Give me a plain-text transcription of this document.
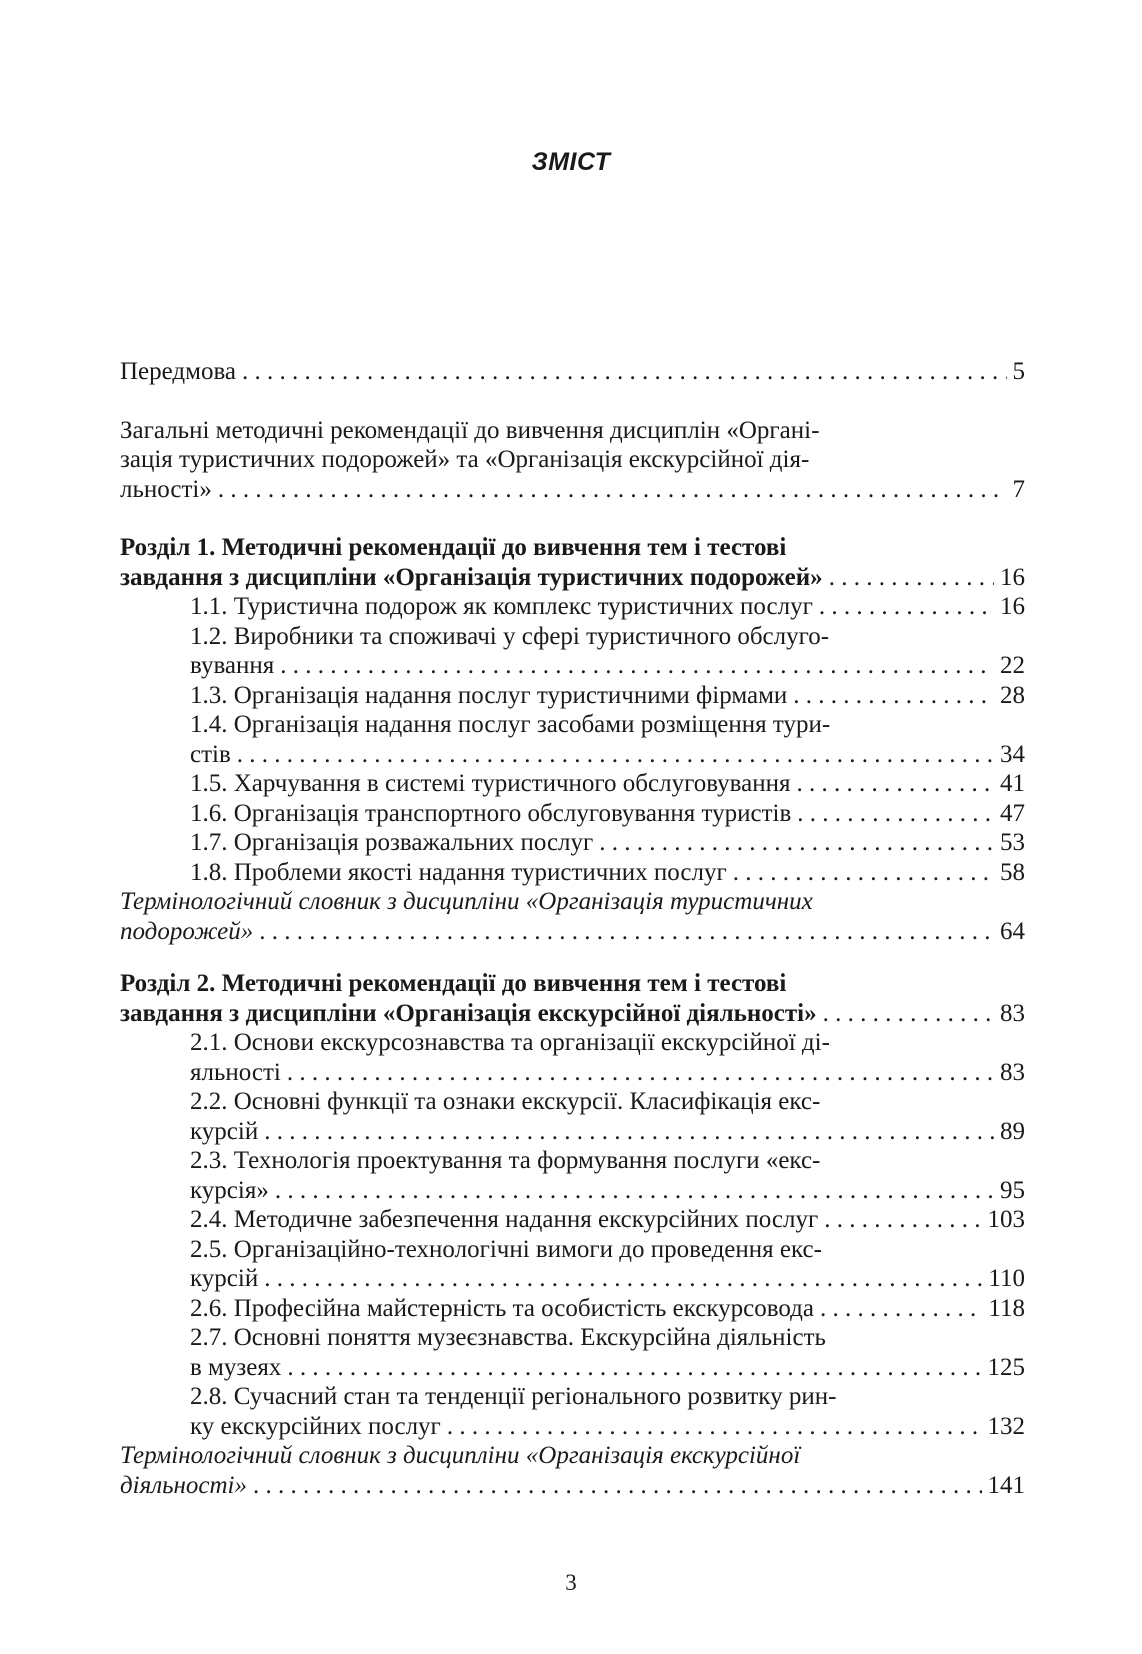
ЗМІСТ
Передмова . . .	5
Загальні методичні рекомендації до вивчення дисциплін «Органі-
зація туристичних подорожей» та «Організація екскурсійної дія-
льності» . . .	7
Розділ 1. Методичні рекомендації до вивчення тем і тестові
завдання з дисципліни «Організація туристичних подорожей» . . .	16
1.1. Туристична подорож як комплекс туристичних послуг . . .	16
1.2. Виробники та споживачі у сфері туристичного обслуго-
вування . . .	22
1.3. Організація надання послуг туристичними фірмами . . .	28
1.4. Організація надання послуг засобами розміщення тури-
стів . . .	34
1.5. Харчування в системі туристичного обслуговування . . .	41
1.6. Організація транспортного обслуговування туристів . . .	47
1.7. Організація розважальних послуг . . .	53
1.8. Проблеми якості надання туристичних послуг . . .	58
Термінологічний словник з дисципліни «Організація туристичних
подорожей» . . .	64
Розділ 2. Методичні рекомендації до вивчення тем і тестові
завдання з дисципліни «Організація екскурсійної діяльності» . . .	83
2.1. Основи екскурсознавства та організації екскурсійної ді-
яльності . . .	83
2.2. Основні функції та ознаки екскурсії. Класифікація екс-
курсій . . .	89
2.3. Технологія проектування та формування послуги «екс-
курсія» . . .	95
2.4. Методичне забезпечення надання екскурсійних послуг . . .	103
2.5. Організаційно-технологічні вимоги до проведення екс-
курсій . . .	110
2.6. Професійна майстерність та особистість екскурсовода . . .	118
2.7. Основні поняття музеєзнавства. Екскурсійна діяльність
в музеях . . .	125
2.8. Сучасний стан та тенденції регіонального розвитку рин-
ку екскурсійних послуг . . .	132
Термінологічний словник з дисципліни «Організація екскурсійної
діяльності» . . .	141
3
